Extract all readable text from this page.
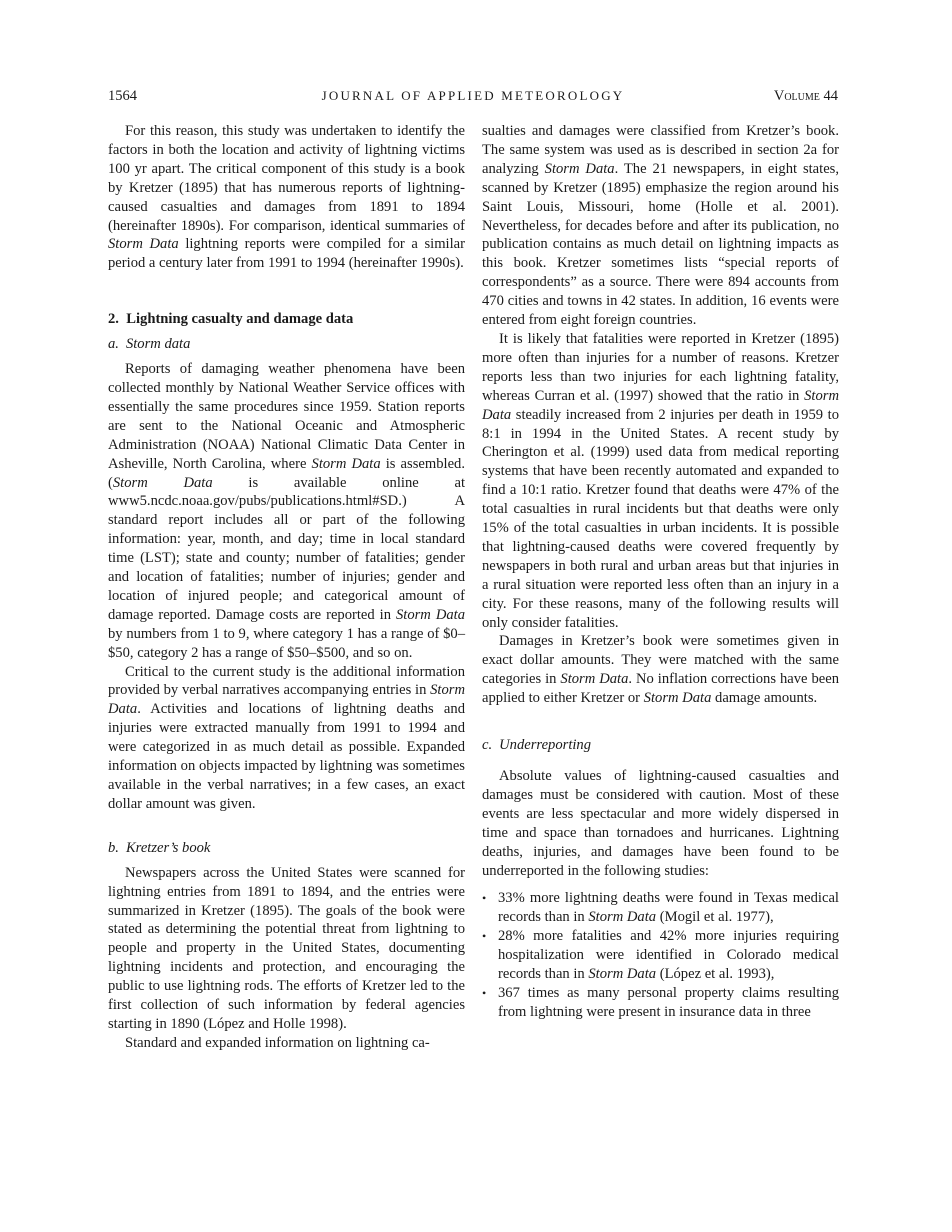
1564	JOURNAL OF APPLIED METEOROLOGY	Volume 44

For this reason, this study was undertaken to identify the factors in both the location and activity of lightning victims 100 yr apart. The critical component of this study is a book by Kretzer (1895) that has numerous reports of lightning-caused casualties and damages from 1891 to 1894 (hereinafter 1890s). For comparison, identical summaries of Storm Data lightning reports were compiled for a similar period a century later from 1991 to 1994 (hereinafter 1990s).

2. Lightning casualty and damage data

a. Storm data

Reports of damaging weather phenomena have been collected monthly by National Weather Service offices with essentially the same procedures since 1959. Station reports are sent to the National Oceanic and Atmospheric Administration (NOAA) National Climatic Data Center in Asheville, North Carolina, where Storm Data is assembled. (Storm Data is available online at www5.ncdc.noaa.gov/pubs/publications.html#SD.) A standard report includes all or part of the following information: year, month, and day; time in local standard time (LST); state and county; number of fatalities; gender and location of fatalities; number of injuries; gender and location of injured people; and categorical amount of damage reported. Damage costs are reported in Storm Data by numbers from 1 to 9, where category 1 has a range of $0–$50, category 2 has a range of $50–$500, and so on.

Critical to the current study is the additional information provided by verbal narratives accompanying entries in Storm Data. Activities and locations of lightning deaths and injuries were extracted manually from 1991 to 1994 and were categorized in as much detail as possible. Expanded information on objects impacted by lightning was sometimes available in the verbal narratives; in a few cases, an exact dollar amount was given.

b. Kretzer’s book

Newspapers across the United States were scanned for lightning entries from 1891 to 1894, and the entries were summarized in Kretzer (1895). The goals of the book were stated as determining the potential threat from lightning to people and property in the United States, documenting lightning incidents and protection, and encouraging the public to use lightning rods. The efforts of Kretzer led to the first collection of such information by federal agencies starting in 1890 (López and Holle 1998).

Standard and expanded information on lightning ca-

sualties and damages were classified from Kretzer’s book. The same system was used as is described in section 2a for analyzing Storm Data. The 21 newspapers, in eight states, scanned by Kretzer (1895) emphasize the region around his Saint Louis, Missouri, home (Holle et al. 2001). Nevertheless, for decades before and after its publication, no publication contains as much detail on lightning impacts as this book. Kretzer sometimes lists “special reports of correspondents” as a source. There were 894 accounts from 470 cities and towns in 42 states. In addition, 16 events were entered from eight foreign countries.

It is likely that fatalities were reported in Kretzer (1895) more often than injuries for a number of reasons. Kretzer reports less than two injuries for each lightning fatality, whereas Curran et al. (1997) showed that the ratio in Storm Data steadily increased from 2 injuries per death in 1959 to 8:1 in 1994 in the United States. A recent study by Cherington et al. (1999) used data from medical reporting systems that have been recently automated and expanded to find a 10:1 ratio. Kretzer found that deaths were 47% of the total casualties in rural incidents but that deaths were only 15% of the total casualties in urban incidents. It is possible that lightning-caused deaths were covered frequently by newspapers in both rural and urban areas but that injuries in a rural situation were reported less often than an injury in a city. For these reasons, many of the following results will only consider fatalities.

Damages in Kretzer’s book were sometimes given in exact dollar amounts. They were matched with the same categories in Storm Data. No inflation corrections have been applied to either Kretzer or Storm Data damage amounts.

c. Underreporting

Absolute values of lightning-caused casualties and damages must be considered with caution. Most of these events are less spectacular and more widely dispersed in time and space than tornadoes and hurricanes. Lightning deaths, injuries, and damages have been found to be underreported in the following studies:

• 33% more lightning deaths were found in Texas medical records than in Storm Data (Mogil et al. 1977),
• 28% more fatalities and 42% more injuries requiring hospitalization were identified in Colorado medical records than in Storm Data (López et al. 1993),
• 367 times as many personal property claims resulting from lightning were present in insurance data in three
